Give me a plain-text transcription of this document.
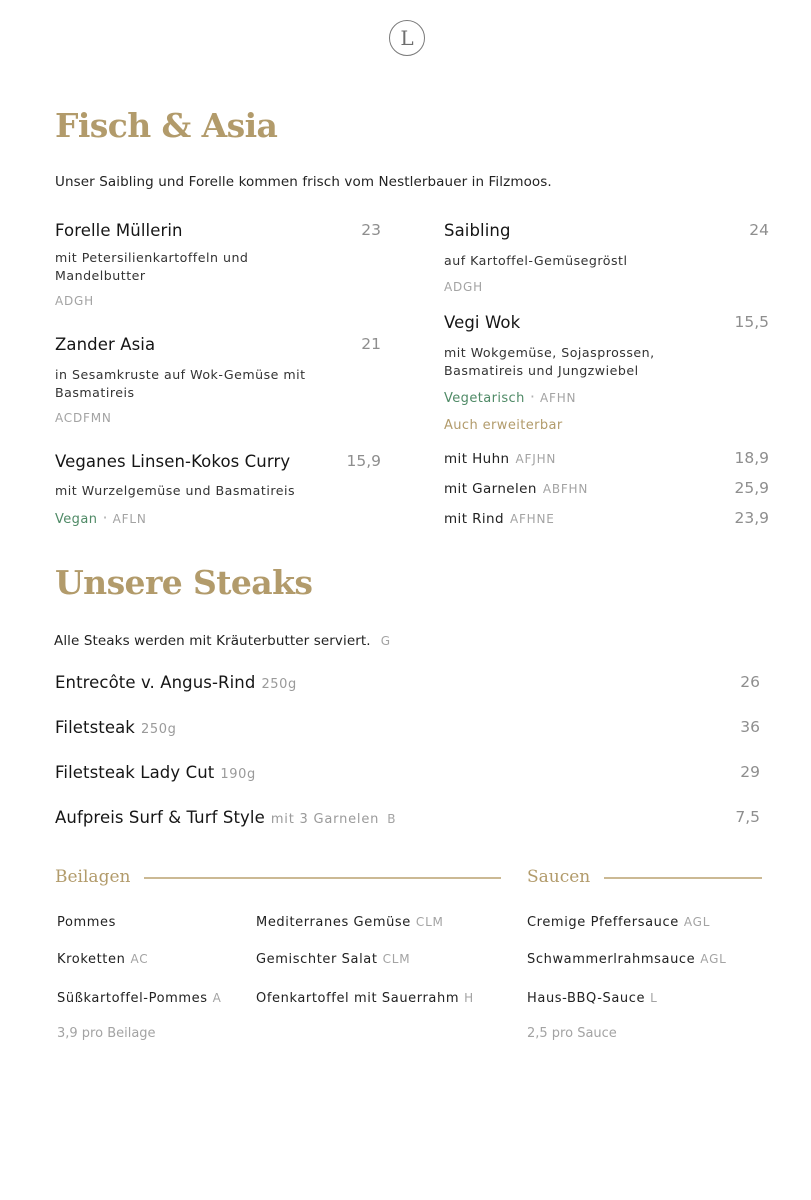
L
Fisch & Asia
Unser Saibling und Forelle kommen frisch vom Nestlerbauer in Filzmoos.
Forelle Müllerin	23
mit Petersilienkartoffeln und Mandelbutter
ADGH
Zander Asia	21
in Sesamkruste auf Wok-Gemüse mit Basmatireis
ACDFMN
Veganes Linsen-Kokos Curry	15,9
mit Wurzelgemüse und Basmatireis
Vegan · AFLN
Saibling	24
auf Kartoffel-Gemüsegröstl
ADGH
Vegi Wok	15,5
mit Wokgemüse, Sojasprossen, Basmatireis und Jungzwiebel
Vegetarisch · AFHN
Auch erweiterbar
mit Huhn AFJHN	18,9
mit Garnelen ABFHN	25,9
mit Rind AFHNE	23,9
Unsere Steaks
Alle Steaks werden mit Kräuterbutter serviert. G
Entrecôte v. Angus-Rind 250g	26
Filetsteak 250g	36
Filetsteak Lady Cut 190g	29
Aufpreis Surf & Turf Style mit 3 Garnelen B	7,5
Beilagen
Pommes
Kroketten AC
Süßkartoffel-Pommes A
Mediterranes Gemüse CLM
Gemischter Salat CLM
Ofenkartoffel mit Sauerrahm H
3,9 pro Beilage
Saucen
Cremige Pfeffersauce AGL
Schwammerlrahmsauce AGL
Haus-BBQ-Sauce L
2,5 pro Sauce
